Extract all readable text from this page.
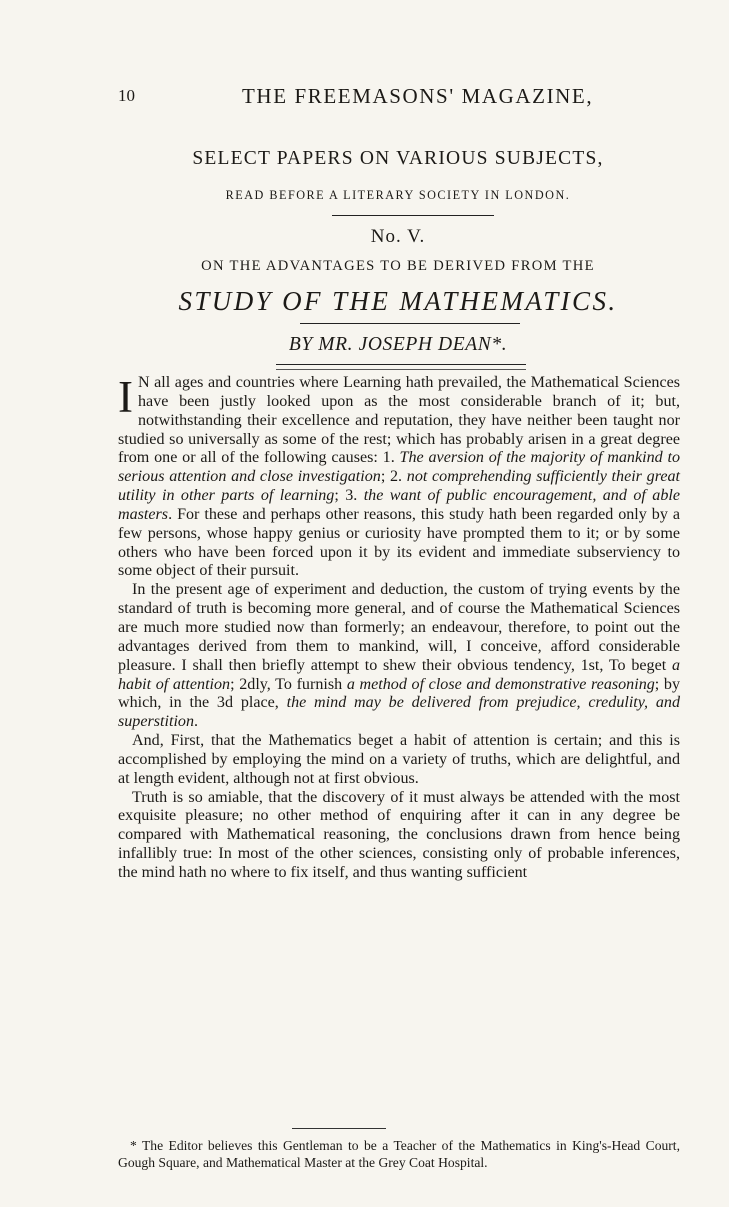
10	THE FREEMASONS' MAGAZINE,
SELECT PAPERS ON VARIOUS SUBJECTS,
READ BEFORE A LITERARY SOCIETY IN LONDON.
No. V.
ON THE ADVANTAGES TO BE DERIVED FROM THE
STUDY OF THE MATHEMATICS.
BY MR. JOSEPH DEAN*.

I N all ages and countries where Learning hath prevailed, the Mathematical Sciences have been justly looked upon as the most considerable branch of it; but, notwithstanding their excellence and reputation, they have neither been taught nor studied so universally as some of the rest; which has probably arisen in a great degree from one or all of the following causes: 1. The aversion of the majority of mankind to serious attention and close investigation; 2. not comprehending sufficiently their great utility in other parts of learning; 3. the want of public encouragement, and of able masters. For these and perhaps other reasons, this study hath been regarded only by a few persons, whose happy genius or curiosity have prompted them to it; or by some others who have been forced upon it by its evident and immediate subserviency to some object of their pursuit.

In the present age of experiment and deduction, the custom of trying events by the standard of truth is becoming more general, and of course the Mathematical Sciences are much more studied now than formerly; an endeavour, therefore, to point out the advantages derived from them to mankind, will, I conceive, afford considerable pleasure. I shall then briefly attempt to shew their obvious tendency, 1st, To beget a habit of attention; 2dly, To furnish a method of close and demonstrative reasoning; by which, in the 3d place, the mind may be delivered from prejudice, credulity, and superstition.

And, First, that the Mathematics beget a habit of attention is certain; and this is accomplished by employing the mind on a variety of truths, which are delightful, and at length evident, although not at first obvious.

Truth is so amiable, that the discovery of it must always be attended with the most exquisite pleasure; no other method of enquiring after it can in any degree be compared with Mathematical reasoning, the conclusions drawn from hence being infallibly true: In most of the other sciences, consisting only of probable inferences, the mind hath no where to fix itself, and thus wanting sufficient

* The Editor believes this Gentleman to be a Teacher of the Mathematics in King's-Head Court, Gough Square, and Mathematical Master at the Grey Coat Hospital.
